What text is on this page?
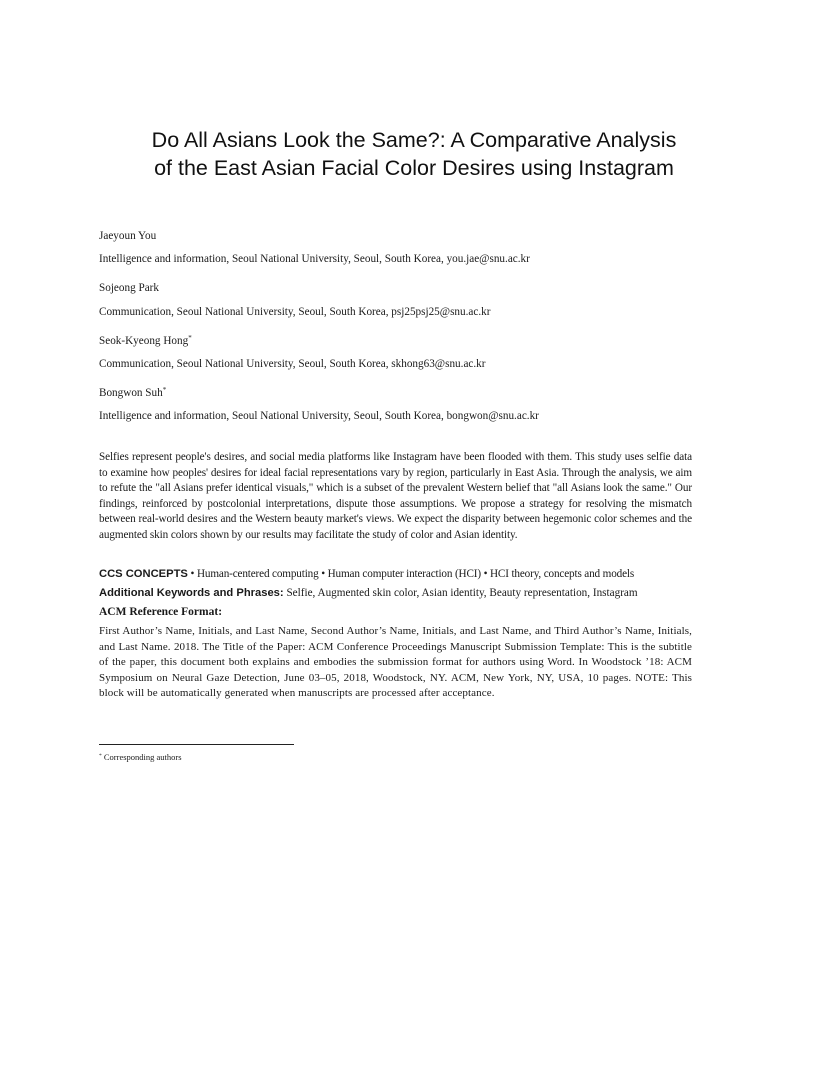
Do All Asians Look the Same?: A Comparative Analysis
of the East Asian Facial Color Desires using Instagram
Jaeyoun You
Intelligence and information, Seoul National University, Seoul, South Korea, you.jae@snu.ac.kr
Sojeong Park
Communication, Seoul National University, Seoul, South Korea, psj25psj25@snu.ac.kr
Seok-Kyeong Hong*
Communication, Seoul National University, Seoul, South Korea, skhong63@snu.ac.kr
Bongwon Suh*
Intelligence and information, Seoul National University, Seoul, South Korea, bongwon@snu.ac.kr
Selfies represent people's desires, and social media platforms like Instagram have been flooded with them. This study uses selfie data to examine how peoples' desires for ideal facial representations vary by region, particularly in East Asia. Through the analysis, we aim to refute the "all Asians prefer identical visuals," which is a subset of the prevalent Western belief that "all Asians look the same." Our findings, reinforced by postcolonial interpretations, dispute those assumptions. We propose a strategy for resolving the mismatch between real-world desires and the Western beauty market's views. We expect the disparity between hegemonic color schemes and the augmented skin colors shown by our results may facilitate the study of color and Asian identity.
CCS CONCEPTS • Human-centered computing • Human computer interaction (HCI) • HCI theory, concepts and models
Additional Keywords and Phrases: Selfie, Augmented skin color, Asian identity, Beauty representation, Instagram
ACM Reference Format:
First Author’s Name, Initials, and Last Name, Second Author’s Name, Initials, and Last Name, and Third Author’s Name, Initials, and Last Name. 2018. The Title of the Paper: ACM Conference Proceedings Manuscript Submission Template: This is the subtitle of the paper, this document both explains and embodies the submission format for authors using Word. In Woodstock ’18: ACM Symposium on Neural Gaze Detection, June 03–05, 2018, Woodstock, NY. ACM, New York, NY, USA, 10 pages. NOTE: This block will be automatically generated when manuscripts are processed after acceptance.
* Corresponding authors
